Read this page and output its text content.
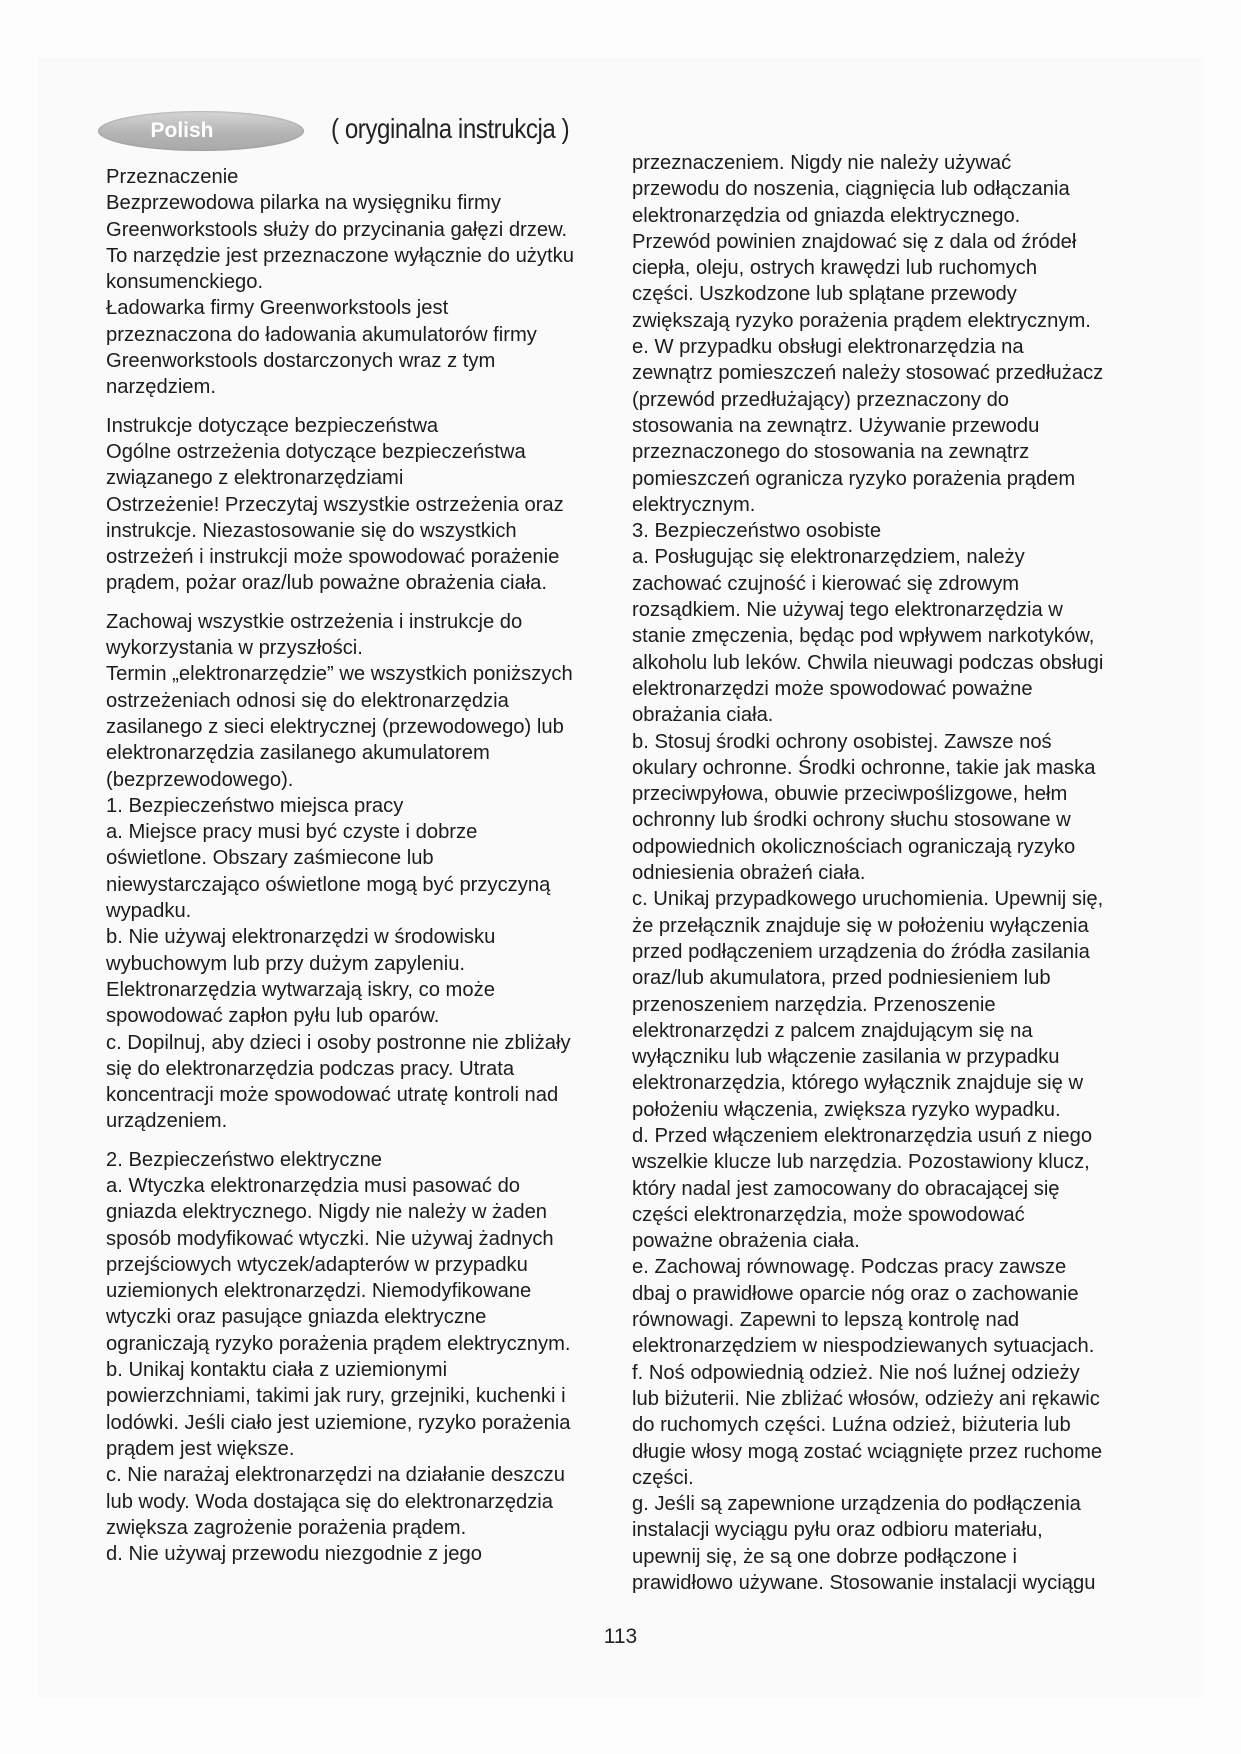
Polish	( oryginalna instrukcja )
Przeznaczenie
Bezprzewodowa pilarka na wysięgniku firmy
Greenworkstools służy do przycinania gałęzi drzew.
To narzędzie jest przeznaczone wyłącznie do użytku
konsumenckiego.
Ładowarka firmy Greenworkstools jest
przeznaczona do ładowania akumulatorów firmy
Greenworkstools dostarczonych wraz z tym
narzędziem.
Instrukcje dotyczące bezpieczeństwa
Ogólne ostrzeżenia dotyczące bezpieczeństwa
związanego z elektronarzędziami
Ostrzeżenie! Przeczytaj wszystkie ostrzeżenia oraz
instrukcje. Niezastosowanie się do wszystkich
ostrzeżeń i instrukcji może spowodować porażenie
prądem, pożar oraz/lub poważne obrażenia ciała.
Zachowaj wszystkie ostrzeżenia i instrukcje do
wykorzystania w przyszłości.
Termin „elektronarzędzie” we wszystkich poniższych
ostrzeżeniach odnosi się do elektronarzędzia
zasilanego z sieci elektrycznej (przewodowego) lub
elektronarzędzia zasilanego akumulatorem
(bezprzewodowego).
1. Bezpieczeństwo miejsca pracy
a. Miejsce pracy musi być czyste i dobrze
oświetlone. Obszary zaśmiecone lub
niewystarczająco oświetlone mogą być przyczyną
wypadku.
b. Nie używaj elektronarzędzi w środowisku
wybuchowym lub przy dużym zapyleniu.
Elektronarzędzia wytwarzają iskry, co może
spowodować zapłon pyłu lub oparów.
c. Dopilnuj, aby dzieci i osoby postronne nie zbliżały
się do elektronarzędzia podczas pracy. Utrata
koncentracji może spowodować utratę kontroli nad
urządzeniem.
2. Bezpieczeństwo elektryczne
a. Wtyczka elektronarzędzia musi pasować do
gniazda elektrycznego. Nigdy nie należy w żaden
sposób modyfikować wtyczki. Nie używaj żadnych
przejściowych wtyczek/adapterów w przypadku
uziemionych elektronarzędzi. Niemodyfikowane
wtyczki oraz pasujące gniazda elektryczne
ograniczają ryzyko porażenia prądem elektrycznym.
b. Unikaj kontaktu ciała z uziemionymi
powierzchniami, takimi jak rury, grzejniki, kuchenki i
lodówki. Jeśli ciało jest uziemione, ryzyko porażenia
prądem jest większe.
c. Nie narażaj elektronarzędzi na działanie deszczu
lub wody. Woda dostająca się do elektronarzędzia
zwiększa zagrożenie porażenia prądem.
d. Nie używaj przewodu niezgodnie z jego
przeznaczeniem. Nigdy nie należy używać
przewodu do noszenia, ciągnięcia lub odłączania
elektronarzędzia od gniazda elektrycznego.
Przewód powinien znajdować się z dala od źródeł
ciepła, oleju, ostrych krawędzi lub ruchomych
części. Uszkodzone lub splątane przewody
zwiększają ryzyko porażenia prądem elektrycznym.
e. W przypadku obsługi elektronarzędzia na
zewnątrz pomieszczeń należy stosować przedłużacz
(przewód przedłużający) przeznaczony do
stosowania na zewnątrz. Używanie przewodu
przeznaczonego do stosowania na zewnątrz
pomieszczeń ogranicza ryzyko porażenia prądem
elektrycznym.
3. Bezpieczeństwo osobiste
a. Posługując się elektronarzędziem, należy
zachować czujność i kierować się zdrowym
rozsądkiem. Nie używaj tego elektronarzędzia w
stanie zmęczenia, będąc pod wpływem narkotyków,
alkoholu lub leków. Chwila nieuwagi podczas obsługi
elektronarzędzi może spowodować poważne
obrażania ciała.
b. Stosuj środki ochrony osobistej. Zawsze noś
okulary ochronne. Środki ochronne, takie jak maska
przeciwpyłowa, obuwie przeciwpoślizgowe, hełm
ochronny lub środki ochrony słuchu stosowane w
odpowiednich okolicznościach ograniczają ryzyko
odniesienia obrażeń ciała.
c. Unikaj przypadkowego uruchomienia. Upewnij się,
że przełącznik znajduje się w położeniu wyłączenia
przed podłączeniem urządzenia do źródła zasilania
oraz/lub akumulatora, przed podniesieniem lub
przenoszeniem narzędzia. Przenoszenie
elektronarzędzi z palcem znajdującym się na
wyłączniku lub włączenie zasilania w przypadku
elektronarzędzia, którego wyłącznik znajduje się w
położeniu włączenia, zwiększa ryzyko wypadku.
d. Przed włączeniem elektronarzędzia usuń z niego
wszelkie klucze lub narzędzia. Pozostawiony klucz,
który nadal jest zamocowany do obracającej się
części elektronarzędzia, może spowodować
poważne obrażenia ciała.
e. Zachowaj równowagę. Podczas pracy zawsze
dbaj o prawidłowe oparcie nóg oraz o zachowanie
równowagi. Zapewni to lepszą kontrolę nad
elektronarzędziem w niespodziewanych sytuacjach.
f. Noś odpowiednią odzież. Nie noś luźnej odzieży
lub biżuterii. Nie zbliżać włosów, odzieży ani rękawic
do ruchomych części. Luźna odzież, biżuteria lub
długie włosy mogą zostać wciągnięte przez ruchome
części.
g. Jeśli są zapewnione urządzenia do podłączenia
instalacji wyciągu pyłu oraz odbioru materiału,
upewnij się, że są one dobrze podłączone i
prawidłowo używane. Stosowanie instalacji wyciągu
113
